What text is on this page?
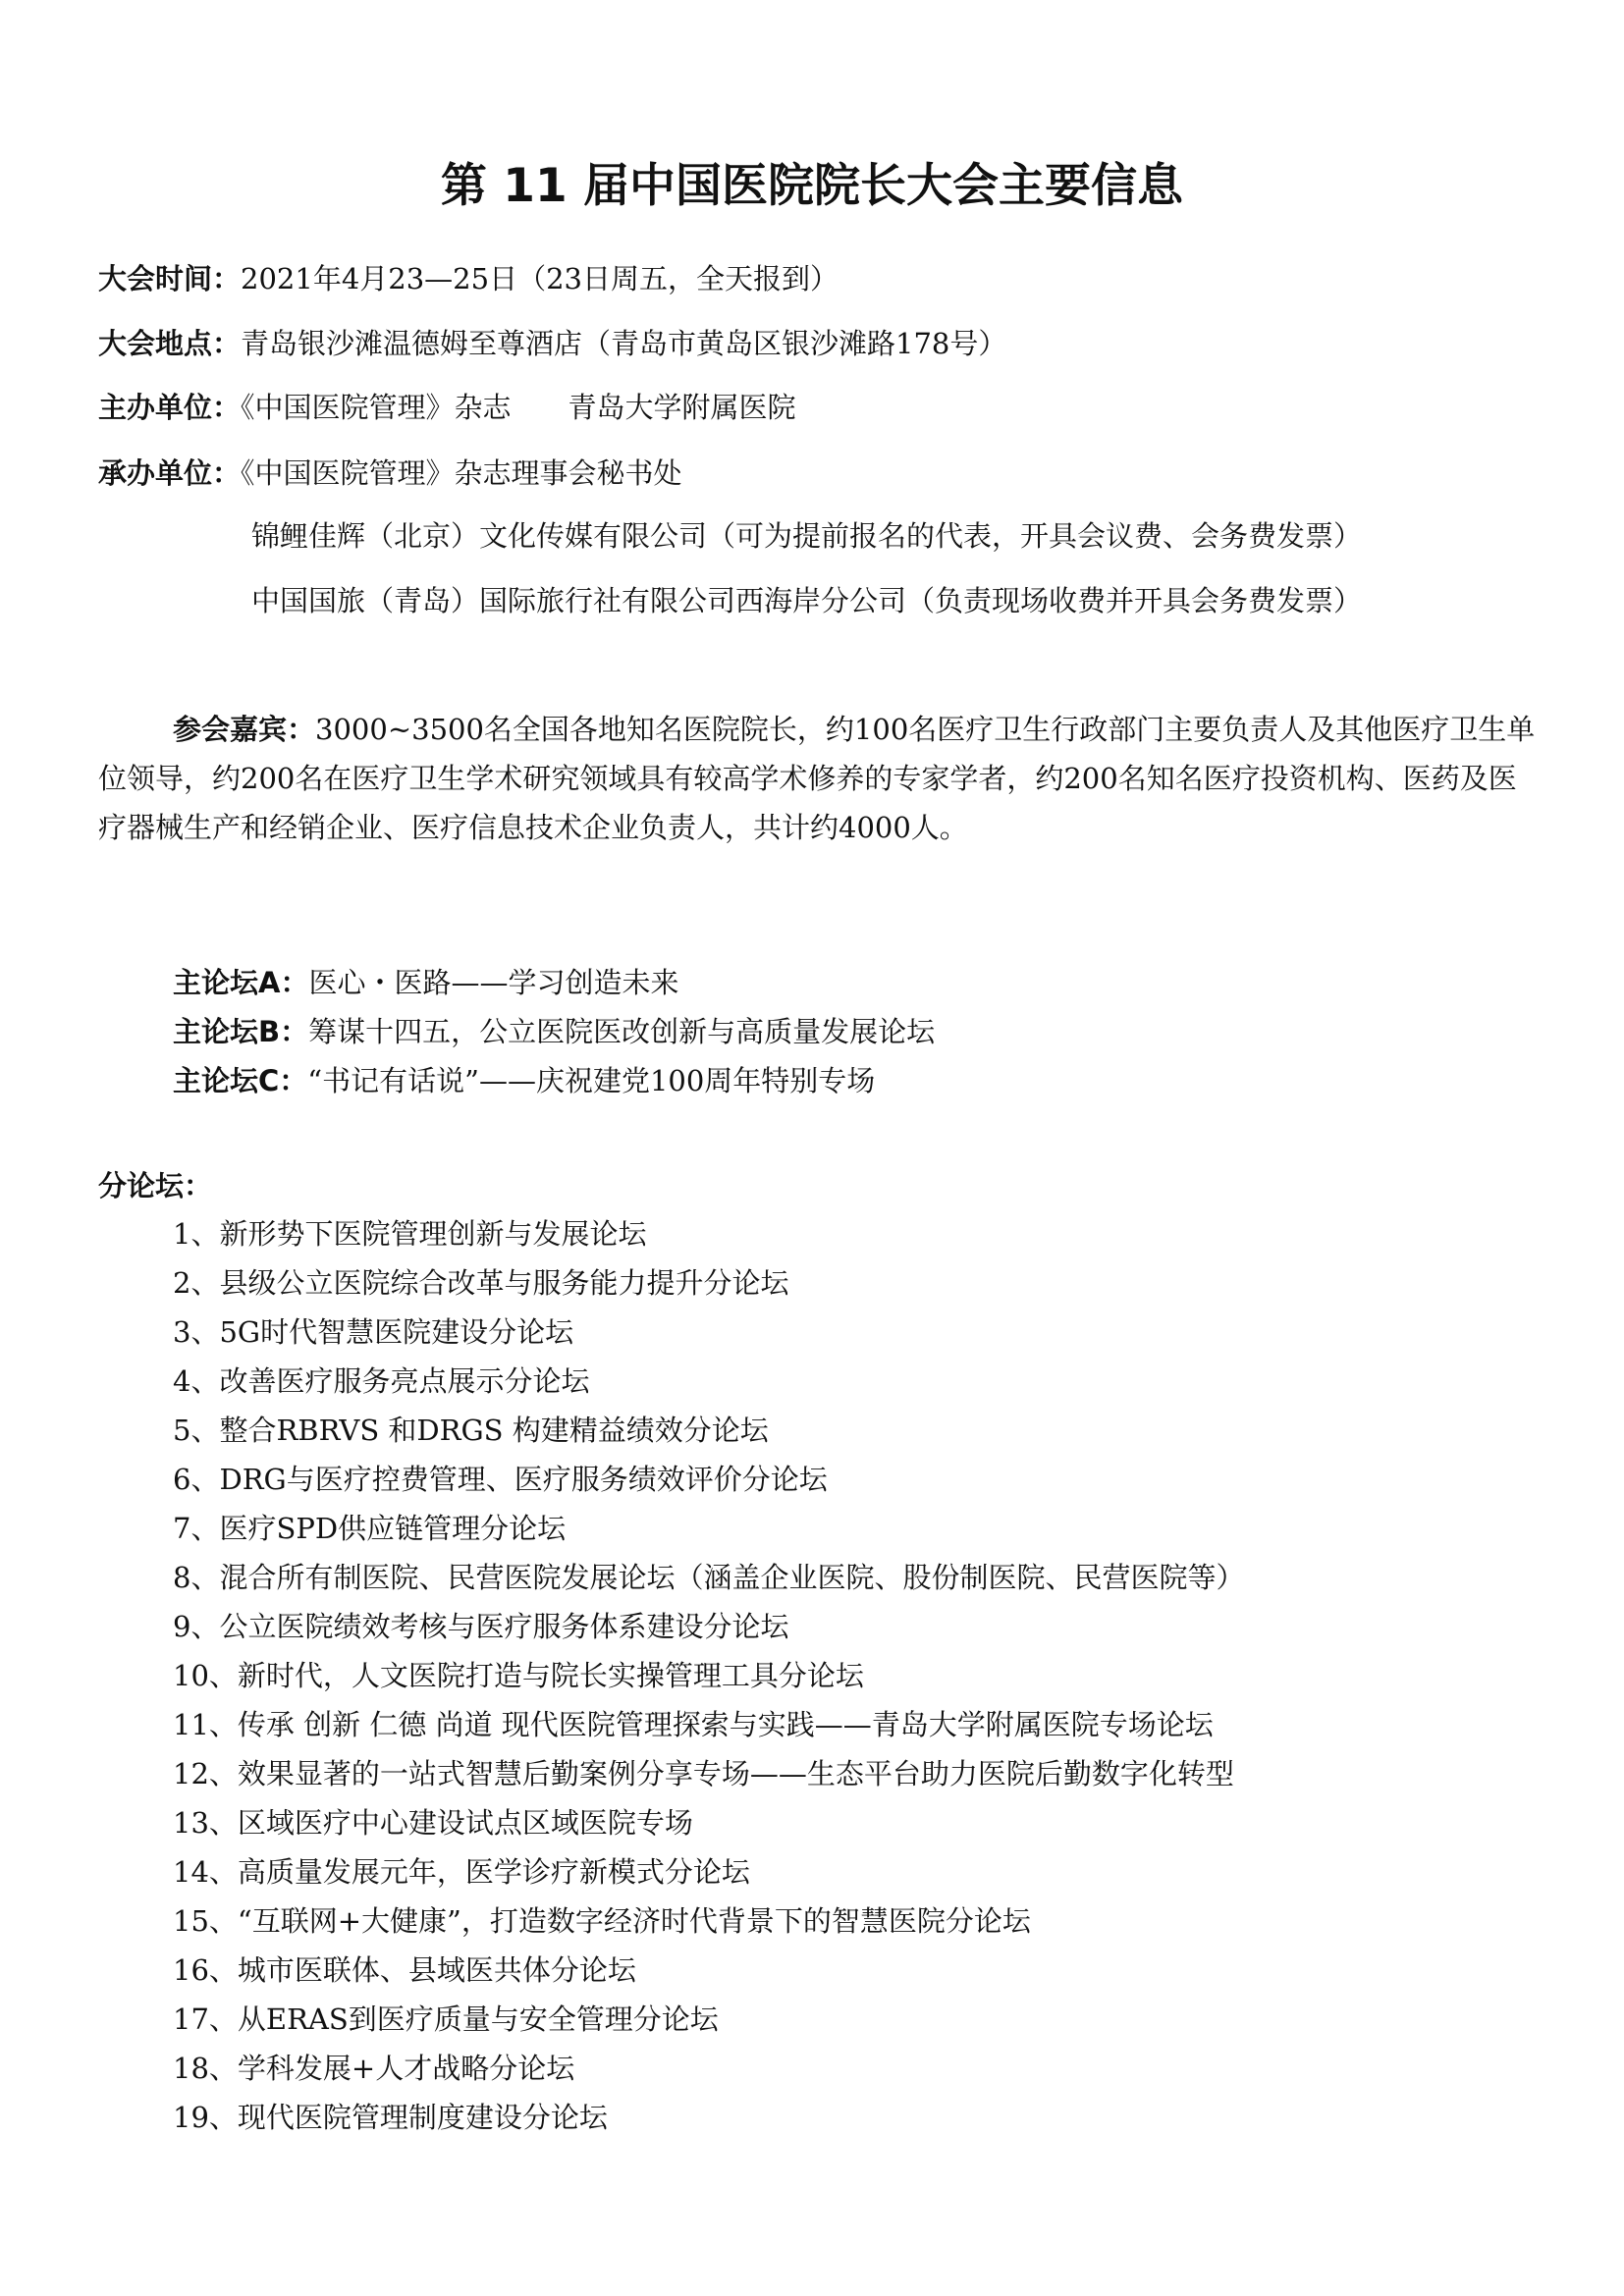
第 11 届中国医院院长大会主要信息
大会时间：2021年4月23—25日（23日周五，全天报到）
大会地点：青岛银沙滩温德姆至尊酒店（青岛市黄岛区银沙滩路178号）
主办单位：《中国医院管理》杂志　　青岛大学附属医院
承办单位：《中国医院管理》杂志理事会秘书处
锦鲤佳辉（北京）文化传媒有限公司（可为提前报名的代表，开具会议费、会务费发票）
中国国旅（青岛）国际旅行社有限公司西海岸分公司（负责现场收费并开具会务费发票）

参会嘉宾：3000~3500名全国各地知名医院院长，约100名医疗卫生行政部门主要负责人及其他医疗卫生单位领导，约200名在医疗卫生学术研究领域具有较高学术修养的专家学者，约200名知名医疗投资机构、医药及医疗器械生产和经销企业、医疗信息技术企业负责人，共计约4000人。

主论坛A：医心・医路——学习创造未来
主论坛B：筹谋十四五，公立医院医改创新与高质量发展论坛
主论坛C：“书记有话说”——庆祝建党100周年特别专场
分论坛：
1、新形势下医院管理创新与发展论坛
2、县级公立医院综合改革与服务能力提升分论坛
3、5G时代智慧医院建设分论坛
4、改善医疗服务亮点展示分论坛
5、整合RBRVS 和DRGS 构建精益绩效分论坛
6、DRG与医疗控费管理、医疗服务绩效评价分论坛
7、医疗SPD供应链管理分论坛
8、混合所有制医院、民营医院发展论坛（涵盖企业医院、股份制医院、民营医院等）
9、公立医院绩效考核与医疗服务体系建设分论坛
10、新时代，人文医院打造与院长实操管理工具分论坛
11、传承 创新 仁德 尚道 现代医院管理探索与实践——青岛大学附属医院专场论坛
12、效果显著的一站式智慧后勤案例分享专场——生态平台助力医院后勤数字化转型
13、区域医疗中心建设试点区域医院专场
14、高质量发展元年，医学诊疗新模式分论坛
15、“互联网+大健康”，打造数字经济时代背景下的智慧医院分论坛
16、城市医联体、县域医共体分论坛
17、从ERAS到医疗质量与安全管理分论坛
18、学科发展+人才战略分论坛
19、现代医院管理制度建设分论坛
